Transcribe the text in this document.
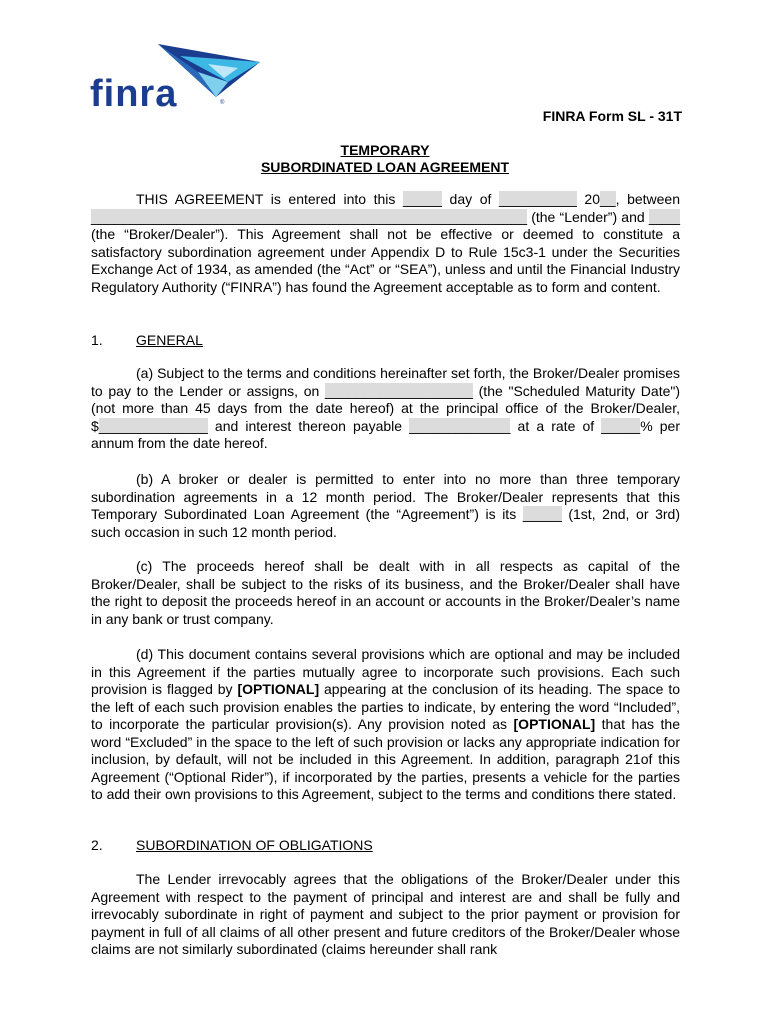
finra	®
FINRA Form SL - 31T
TEMPORARY
SUBORDINATED LOAN AGREEMENT

THIS AGREEMENT is entered into this _____ day of __________ 20__, between ________________________________________________________ (the “Lender”) and ____ (the “Broker/Dealer”). This Agreement shall not be effective or deemed to constitute a satisfactory subordination agreement under Appendix D to Rule 15c3-1 under the Securities Exchange Act of 1934, as amended (the “Act” or “SEA”), unless and until the Financial Industry Regulatory Authority (“FINRA”) has found the Agreement acceptable as to form and content.

1. GENERAL

(a) Subject to the terms and conditions hereinafter set forth, the Broker/Dealer promises to pay to the Lender or assigns, on ___________________ (the "Scheduled Maturity Date") (not more than 45 days from the date hereof) at the principal office of the Broker/Dealer, $______________ and interest thereon payable _____________ at a rate of _____% per annum from the date hereof.

(b) A broker or dealer is permitted to enter into no more than three temporary subordination agreements in a 12 month period. The Broker/Dealer represents that this Temporary Subordinated Loan Agreement (the “Agreement”) is its _____ (1st, 2nd, or 3rd) such occasion in such 12 month period.

(c) The proceeds hereof shall be dealt with in all respects as capital of the Broker/Dealer, shall be subject to the risks of its business, and the Broker/Dealer shall have the right to deposit the proceeds hereof in an account or accounts in the Broker/Dealer’s name in any bank or trust company.

(d) This document contains several provisions which are optional and may be included in this Agreement if the parties mutually agree to incorporate such provisions. Each such provision is flagged by [OPTIONAL] appearing at the conclusion of its heading. The space to the left of each such provision enables the parties to indicate, by entering the word “Included”, to incorporate the particular provision(s). Any provision noted as [OPTIONAL] that has the word “Excluded” in the space to the left of such provision or lacks any appropriate indication for inclusion, by default, will not be included in this Agreement. In addition, paragraph 21of this Agreement (“Optional Rider”), if incorporated by the parties, presents a vehicle for the parties to add their own provisions to this Agreement, subject to the terms and conditions there stated.

2. SUBORDINATION OF OBLIGATIONS

The Lender irrevocably agrees that the obligations of the Broker/Dealer under this Agreement with respect to the payment of principal and interest are and shall be fully and irrevocably subordinate in right of payment and subject to the prior payment or provision for payment in full of all claims of all other present and future creditors of the Broker/Dealer whose claims are not similarly subordinated (claims hereunder shall rank
